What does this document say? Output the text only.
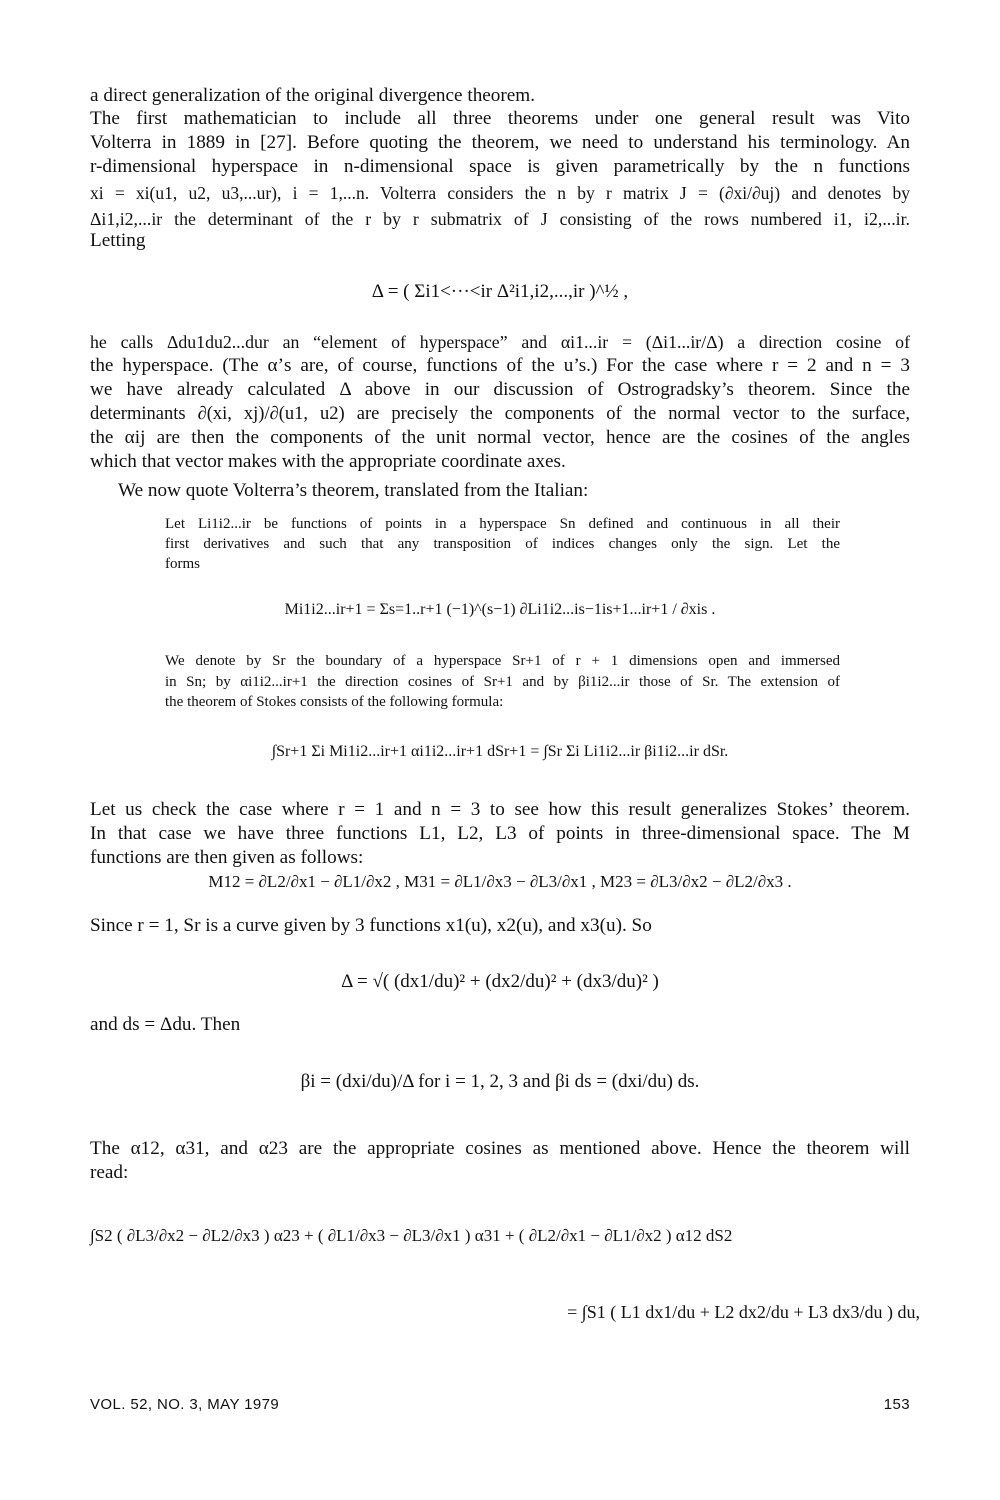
a direct generalization of the original divergence theorem.
The first mathematician to include all three theorems under one general result was Vito
Volterra in 1889 in [27]. Before quoting the theorem, we need to understand his terminology. An
r-dimensional hyperspace in n-dimensional space is given parametrically by the n functions
xi = xi(u1, u2, u3,...ur), i = 1,...n. Volterra considers the n by r matrix J = (∂xi/∂uj) and denotes by
Δi1,i2,...ir the determinant of the r by r submatrix of J consisting of the rows numbered i1, i2,...ir.
Letting
Δ = ( Σi1<···<ir Δ²i1,i2,...,ir )^½ ,
he calls Δdu1du2...dur an “element of hyperspace” and αi1...ir = (Δi1...ir/Δ) a direction cosine of
the hyperspace. (The α’s are, of course, functions of the u’s.) For the case where r = 2 and n = 3
we have already calculated Δ above in our discussion of Ostrogradsky’s theorem. Since the
determinants ∂(xi, xj)/∂(u1, u2) are precisely the components of the normal vector to the surface,
the αij are then the components of the unit normal vector, hence are the cosines of the angles
which that vector makes with the appropriate coordinate axes.
We now quote Volterra’s theorem, translated from the Italian:
Let Li1i2...ir be functions of points in a hyperspace Sn defined and continuous in all their
first derivatives and such that any transposition of indices changes only the sign. Let the
forms
Mi1i2...ir+1 = Σs=1..r+1 (−1)^(s−1) ∂Li1i2...is−1is+1...ir+1 / ∂xis .
We denote by Sr the boundary of a hyperspace Sr+1 of r + 1 dimensions open and immersed
in Sn; by αi1i2...ir+1 the direction cosines of Sr+1 and by βi1i2...ir those of Sr. The extension of
the theorem of Stokes consists of the following formula:
∫Sr+1 Σi Mi1i2...ir+1 αi1i2...ir+1 dSr+1 = ∫Sr Σi Li1i2...ir βi1i2...ir dSr.
Let us check the case where r = 1 and n = 3 to see how this result generalizes Stokes’ theorem.
In that case we have three functions L1, L2, L3 of points in three-dimensional space. The M
functions are then given as follows:
M12 = ∂L2/∂x1 − ∂L1/∂x2 , M31 = ∂L1/∂x3 − ∂L3/∂x1 , M23 = ∂L3/∂x2 − ∂L2/∂x3 .
Since r = 1, Sr is a curve given by 3 functions x1(u), x2(u), and x3(u). So
Δ = √( (dx1/du)² + (dx2/du)² + (dx3/du)² )
and ds = Δdu. Then
βi = (dxi/du)/Δ for i = 1, 2, 3 and βi ds = (dxi/du) ds.
The α12, α31, and α23 are the appropriate cosines as mentioned above. Hence the theorem will
read:
∫S2 ( ∂L3/∂x2 − ∂L2/∂x3 ) α23 + ( ∂L1/∂x3 − ∂L3/∂x1 ) α31 + ( ∂L2/∂x1 − ∂L1/∂x2 ) α12 dS2
= ∫S1 ( L1 dx1/du + L2 dx2/du + L3 dx3/du ) du,
VOL. 52, NO. 3, MAY 1979	153
